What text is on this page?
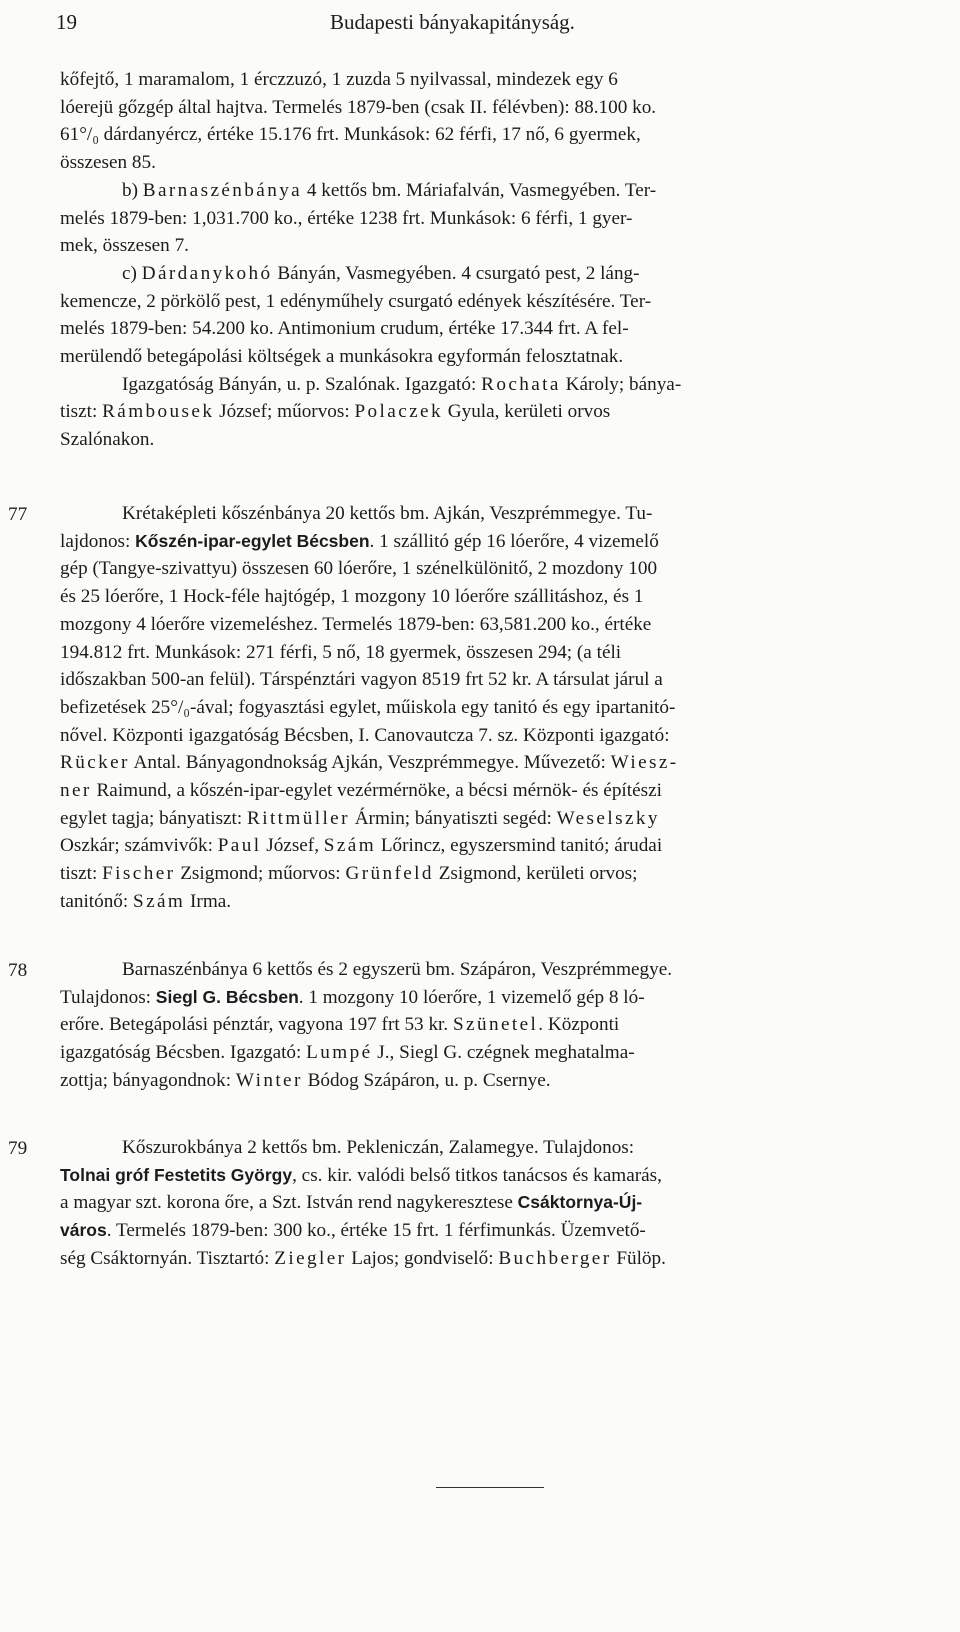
19	Budapesti bányakapitányság.
kőfejtő, 1 maramalom, 1 érczzuzó, 1 zuzda 5 nyilvassal, mindezek egy 6
lóerejü gőzgép által hajtva. Termelés 1879-ben (csak II. félévben): 88.100 ko.
61°/₀ dárdanyércz, értéke 15.176 frt. Munkások: 62 férfi, 17 nő, 6 gyermek,
összesen 85.
b) Barnaszénbánya 4 kettős bm. Máriafalván, Vasmegyében. Ter-
melés 1879-ben: 1,031.700 ko., értéke 1238 frt. Munkások: 6 férfi, 1 gyer-
mek, összesen 7.
c) Dárdanykohó Bányán, Vasmegyében. 4 csurgató pest, 2 láng-
kemencze, 2 pörkölő pest, 1 edényműhely csurgató edények készítésére. Ter-
melés 1879-ben: 54.200 ko. Antimonium crudum, értéke 17.344 frt. A fel-
merülendő betegápolási költségek a munkásokra egyformán felosztatnak.
Igazgatóság Bányán, u. p. Szalónak. Igazgató: Rochata Károly; bánya-
tiszt: Rámbousek József; műorvos: Polaczek Gyula, kerületi orvos
Szalónakon.
77	Krétaképleti kőszénbánya 20 kettős bm. Ajkán, Veszprémmegye. Tu-
lajdonos: Kőszén-ipar-egylet Bécsben. 1 szállitó gép 16 lóerőre, 4 vizemelő
gép (Tangye-szivattyu) összesen 60 lóerőre, 1 szénelkülönitő, 2 mozdony 100
és 25 lóerőre, 1 Hock-féle hajtógép, 1 mozgony 10 lóerőre szállitáshoz, és 1
mozgony 4 lóerőre vizemeléshez. Termelés 1879-ben: 63,581.200 ko., értéke
194.812 frt. Munkások: 271 férfi, 5 nő, 18 gyermek, összesen 294; (a téli
időszakban 500-an felül). Társpénztári vagyon 8519 frt 52 kr. A társulat járul a
befizetések 25°/₀-ával; fogyasztási egylet, műiskola egy tanitó és egy ipartanitó-
nővel. Központi igazgatóság Bécsben, I. Canovautcza 7. sz. Központi igazgató:
Rücker Antal. Bányagondnokság Ajkán, Veszprémmegye. Művezető: Wiesz-
ner Raimund, a kőszén-ipar-egylet vezérmérnöke, a bécsi mérnök- és építészi
egylet tagja; bányatiszt: Rittmüller Ármin; bányatiszti segéd: Weselszky
Oszkár; számvivők: Paul József, Szám Lőrincz, egyszersmind tanitó; árudai
tiszt: Fischer Zsigmond; műorvos: Grünfeld Zsigmond, kerületi orvos;
tanitónő: Szám Irma.
78	Barnaszénbánya 6 kettős és 2 egyszerü bm. Szápáron, Veszprémmegye.
Tulajdonos: Siegl G. Bécsben. 1 mozgony 10 lóerőre, 1 vizemelő gép 8 ló-
erőre. Betegápolási pénztár, vagyona 197 frt 53 kr. Szünetel. Központi
igazgatóság Bécsben. Igazgató: Lumpé J., Siegl G. czégnek meghatalma-
zottja; bányagondnok: Winter Bódog Szápáron, u. p. Csernye.
79	Kőszurokbánya 2 kettős bm. Pekleniczán, Zalamegye. Tulajdonos:
Tolnai gróf Festetits György, cs. kir. valódi belső titkos tanácsos és kamarás,
a magyar szt. korona őre, a Szt. István rend nagykeresztese Csáktornya-Új-
város. Termelés 1879-ben: 300 ko., értéke 15 frt. 1 férfimunkás. Üzemvető-
ség Csáktornyán. Tisztartó: Ziegler Lajos; gondviselő: Buchberger Fülöp.
